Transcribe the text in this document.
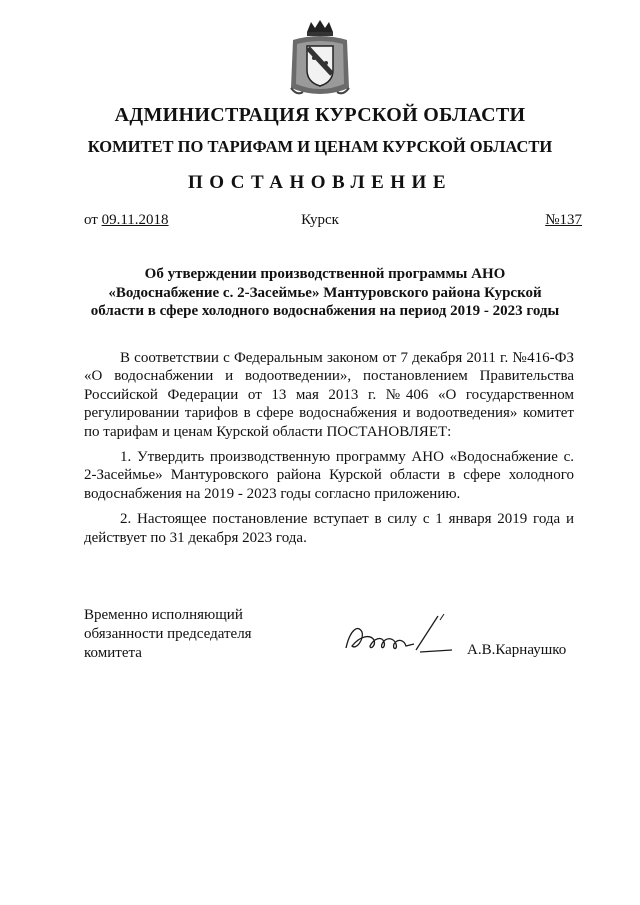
АДМИНИСТРАЦИЯ КУРСКОЙ ОБЛАСТИ
КОМИТЕТ ПО ТАРИФАМ И ЦЕНАМ КУРСКОЙ ОБЛАСТИ
ПОСТАНОВЛЕНИЕ
от 09.11.2018	Курск	№137
Об утверждении производственной программы АНО «Водоснабжение с. 2-Засеймье» Мантуровского района Курской области в сфере холодного водоснабжения на период 2019 - 2023 годы

В соответствии с Федеральным законом от 7 декабря 2011 г. №416-ФЗ «О водоснабжении и водоотведении», постановлением Правительства Российской Федерации от 13 мая 2013 г. №406 «О государственном регулировании тарифов в сфере водоснабжения и водоотведения» комитет по тарифам и ценам Курской области ПОСТАНОВЛЯЕТ:

1. Утвердить производственную программу АНО «Водоснабжение с. 2-Засеймье» Мантуровского района Курской области в сфере холодного водоснабжения на 2019 - 2023 годы согласно приложению.

2. Настоящее постановление вступает в силу с 1 января 2019 года и действует по 31 декабря 2023 года.

Временно исполняющий
обязанности председателя
комитета	А.В.Карнаушко
